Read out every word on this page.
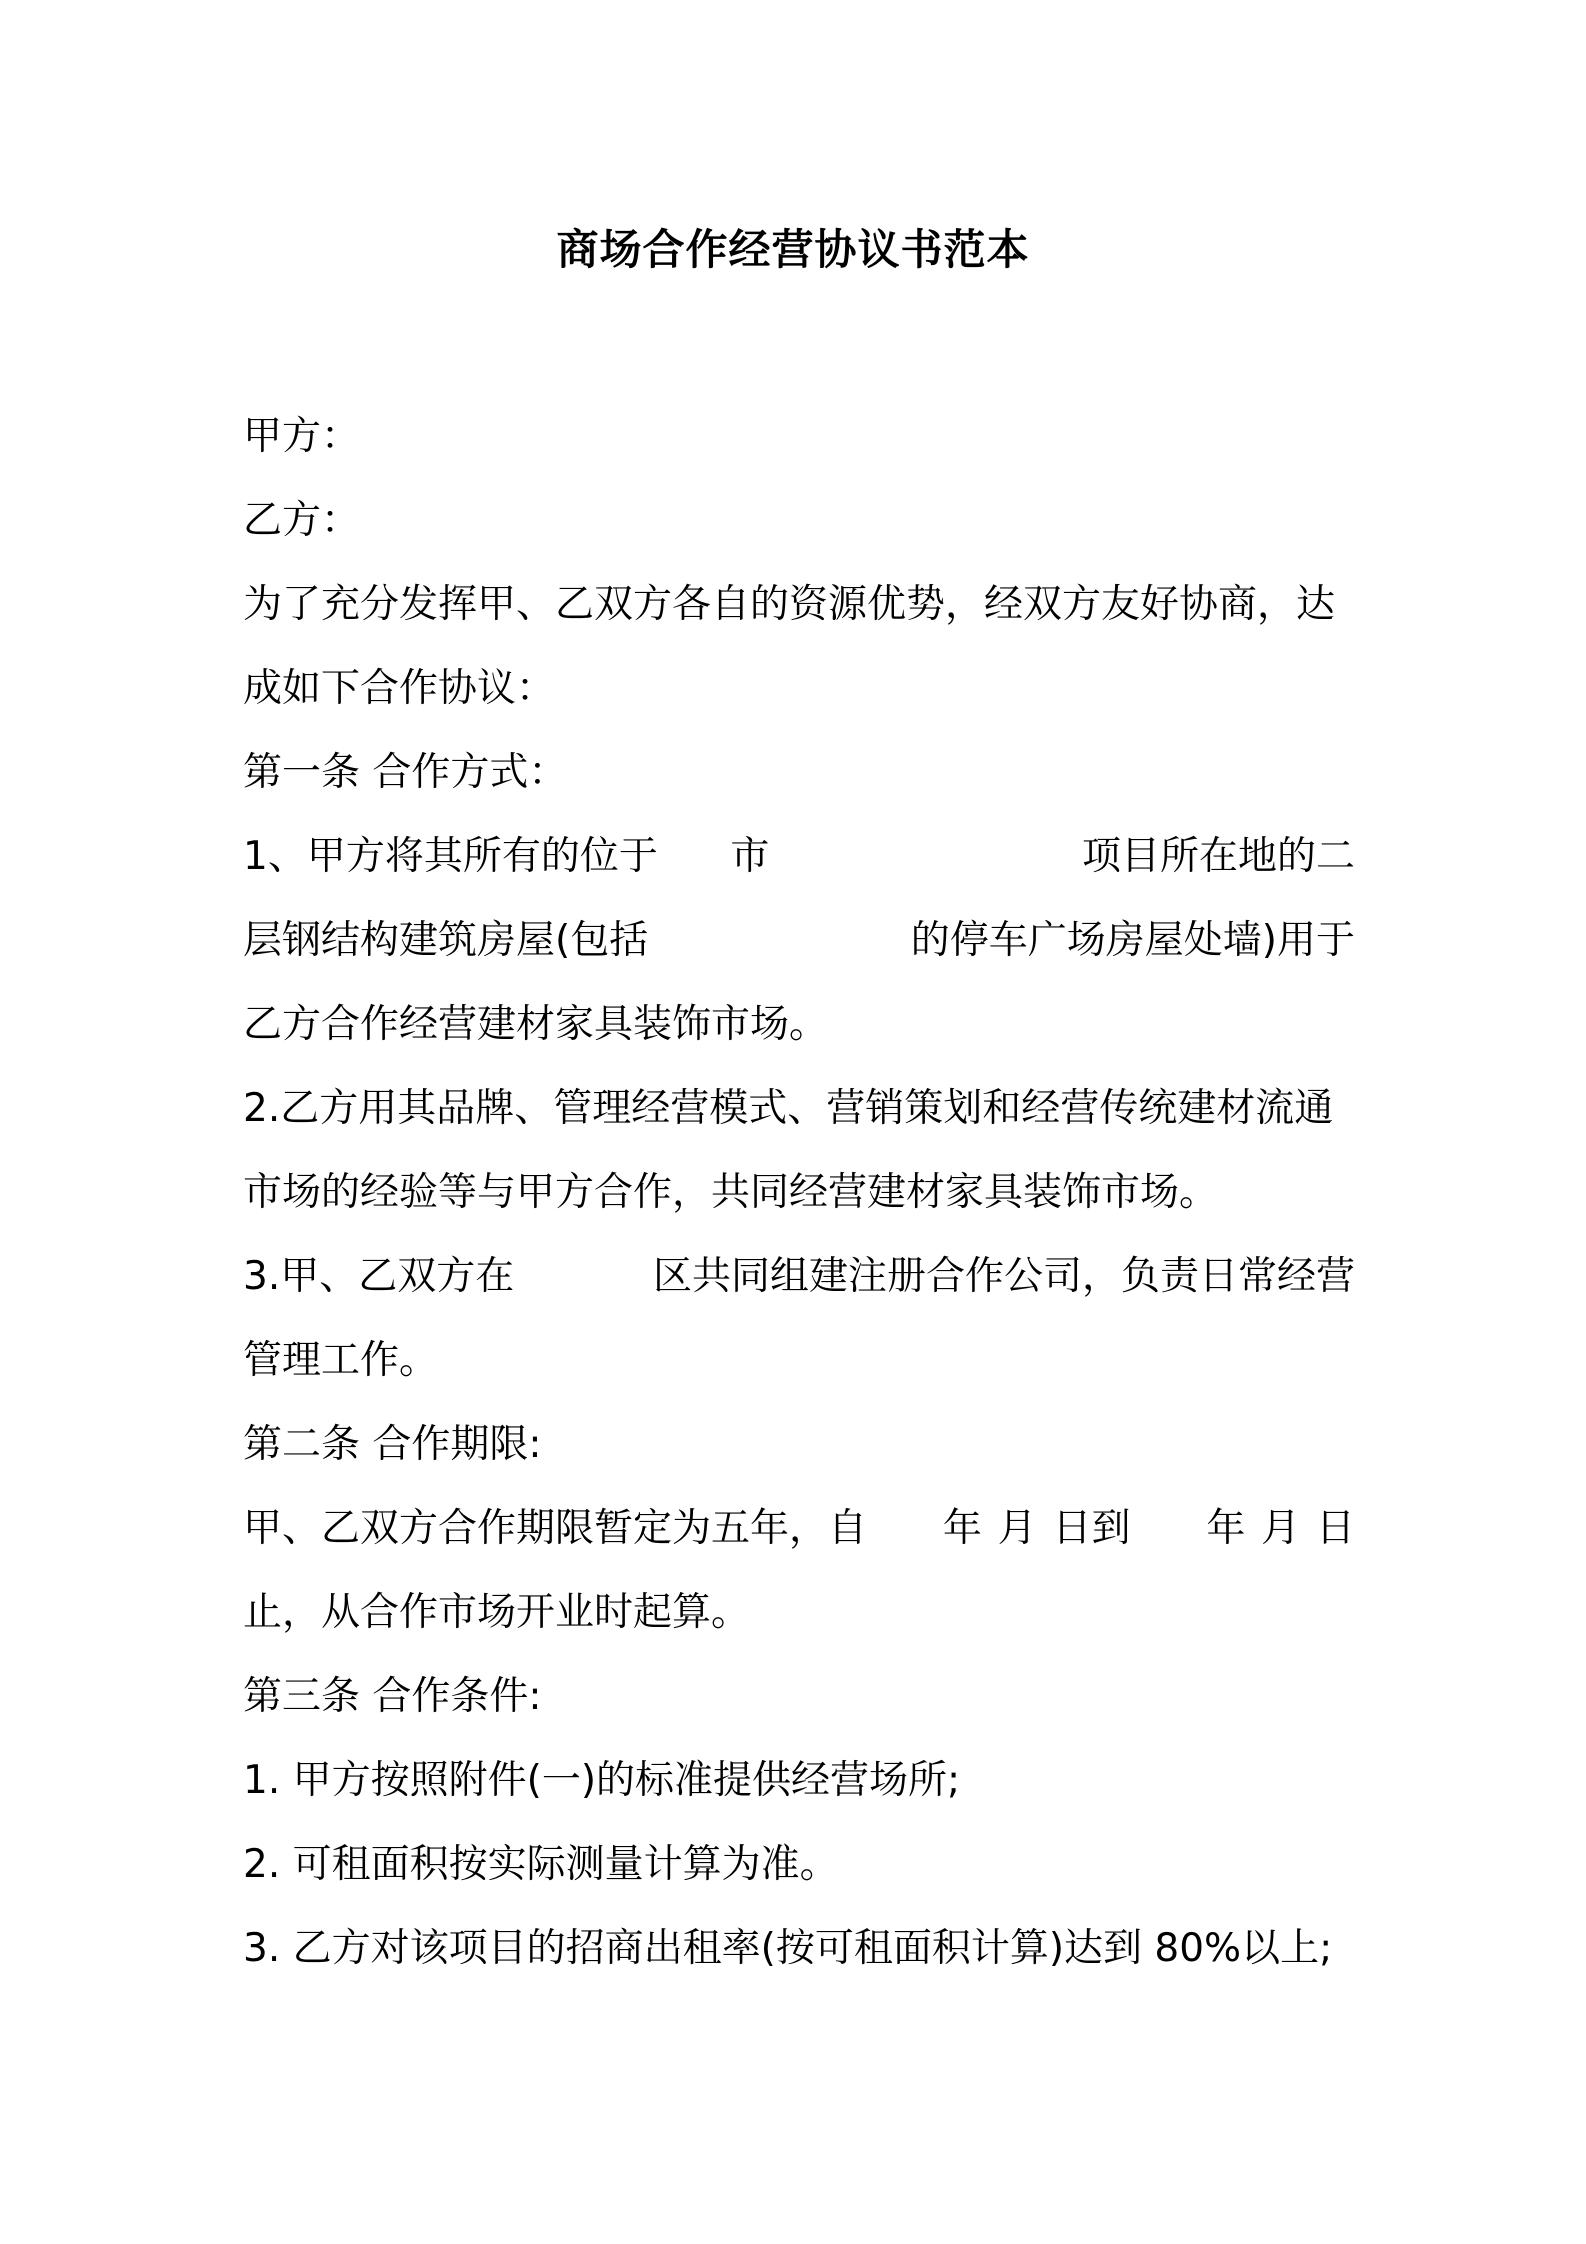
商场合作经营协议书范本
甲方：
乙方：
为了充分发挥甲、乙双方各自的资源优势，经双方友好协商，达
成如下合作协议：
第一条 合作方式：
1、甲方将其所有的位于 市	项目所在地的二
层钢结构建筑房屋(包括	的停车广场房屋处墙)用于
乙方合作经营建材家具装饰市场。
2.乙方用其品牌、管理经营模式、营销策划和经营传统建材流通
市场的经验等与甲方合作，共同经营建材家具装饰市场。
3.甲、乙双方在	区共同组建注册合作公司，负责日常经营
管理工作。
第二条 合作期限:
甲、乙双方合作期限暂定为五年，自 年 月 日到 年 月 日
止，从合作市场开业时起算。
第三条 合作条件:
1. 甲方按照附件(一)的标准提供经营场所;
2. 可租面积按实际测量计算为准。
3. 乙方对该项目的招商出租率(按可租面积计算)达到 80%以上;
